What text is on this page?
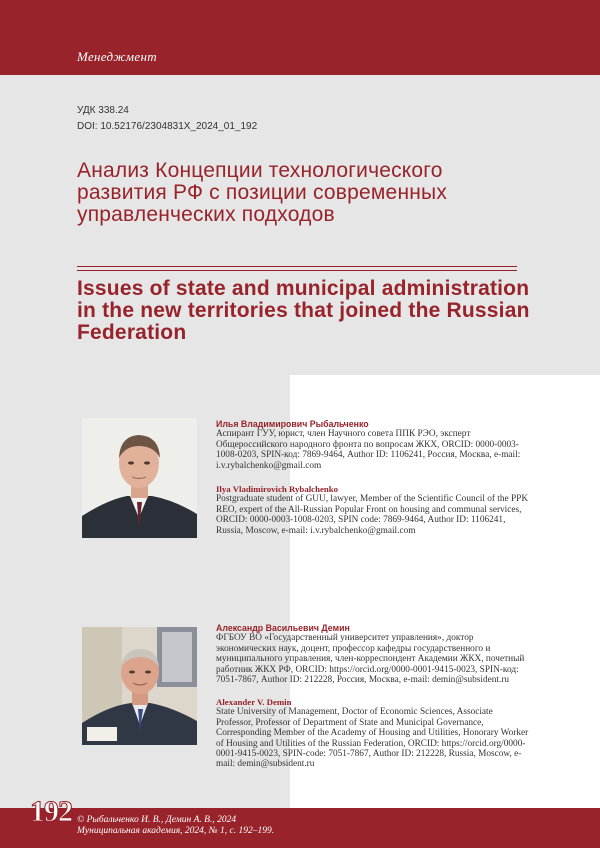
Менеджмент
УДК 338.24
DOI: 10.52176/2304831X_2024_01_192
Анализ Концепции технологического развития РФ с позиции современных управленческих подходов
Issues of state and municipal administration in the new territories that joined the Russian Federation
Илья Владимирович Рыбальченко
Аспирант ГУУ, юрист, член Научного совета ППК РЭО, эксперт Общероссийского народного фронта по вопросам ЖКХ, ORCID: 0000-0003-1008-0203, SPIN-код: 7869-9464, Author ID: 1106241, Россия, Москва, e-mail: i.v.rybalchenko@gmail.com
Ilya Vladimirovich Rybalchenko
Postgraduate student of GUU, lawyer, Member of the Scientific Council of the PPK REO, expert of the All-Russian Popular Front on housing and communal services, ORCID: 0000-0003-1008-0203, SPIN code: 7869-9464, Author ID: 1106241, Russia, Moscow, e-mail: i.v.rybalchenko@gmail.com
Александр Васильевич Демин
ФГБОУ ВО «Государственный университет управления», доктор экономических наук, доцент, профессор кафедры государственного и муниципального управления, член-корреспондент Академии ЖКХ, почетный работник ЖКХ РФ, ORCID: https://orcid.org/0000-0001-9415-0023, SPIN-код: 7051-7867, Author ID: 212228, Россия, Москва, e-mail: demin@subsident.ru
Alexander V. Demin
State University of Management, Doctor of Economic Sciences, Associate Professor, Professor of Department of State and Municipal Governance, Corresponding Member of the Academy of Housing and Utilities, Honorary Worker of Housing and Utilities of the Russian Federation, ORCID: https://orcid.org/0000-0001-9415-0023, SPIN-code: 7051-7867, Author ID: 212228, Russia, Moscow, e-mail: demin@subsident.ru
192 © Рыбальченко И. В., Демин А. В., 2024
Муниципальная академия, 2024, № 1, с. 192–199.
